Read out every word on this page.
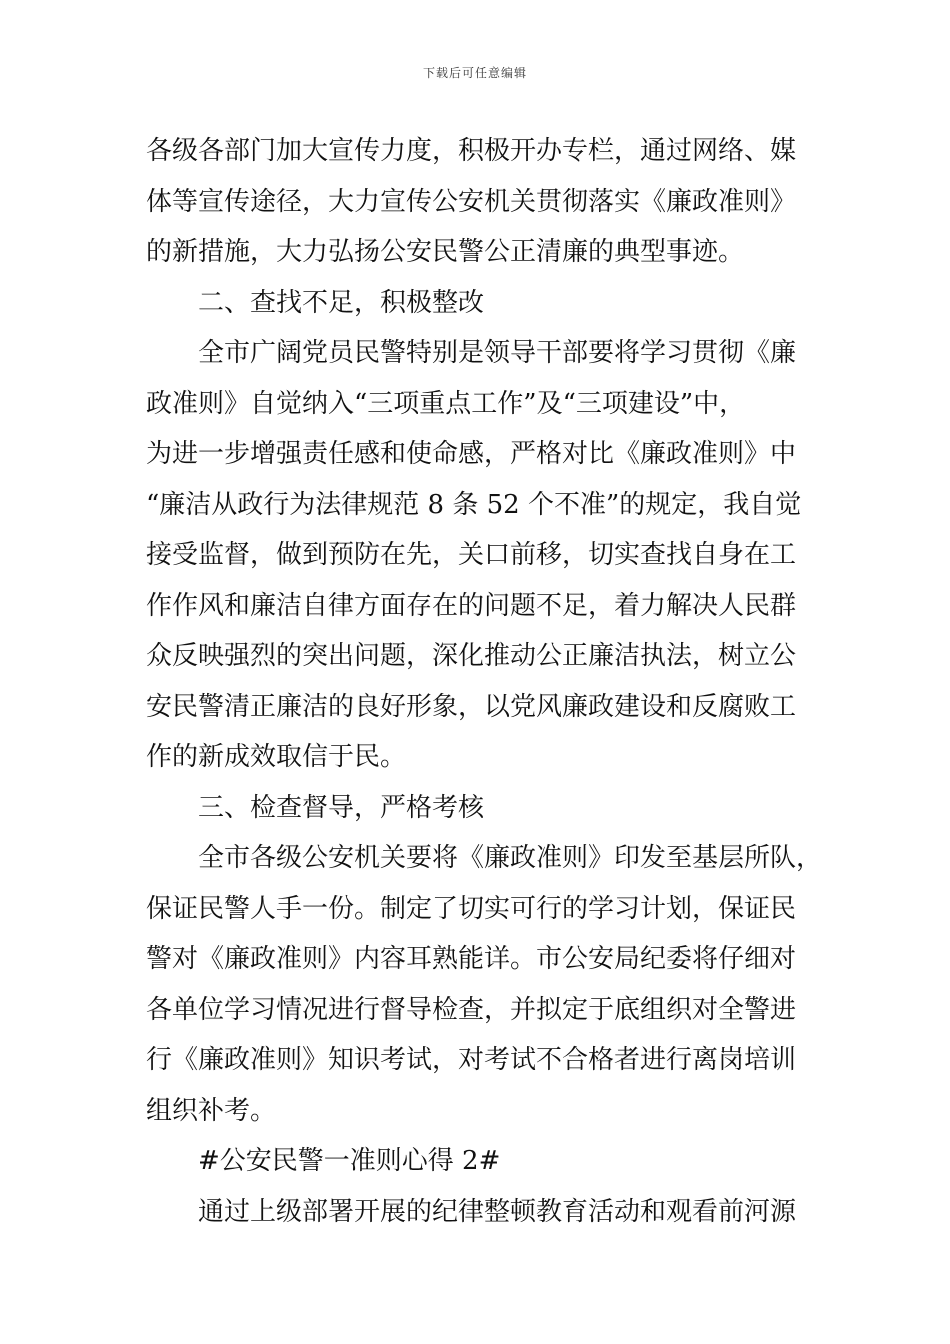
下载后可任意编辑

各级各部门加大宣传力度，积极开办专栏，通过网络、媒

体等宣传途径，大力宣传公安机关贯彻落实《廉政准则》

的新措施，大力弘扬公安民警公正清廉的典型事迹。

二、查找不足，积极整改

全市广阔党员民警特别是领导干部要将学习贯彻《廉

政准则》自觉纳入“三项重点工作”及“三项建设”中，

为进一步增强责任感和使命感，严格对比《廉政准则》中

“廉洁从政行为法律规范 8 条 52 个不准”的规定，我自觉

接受监督，做到预防在先，关口前移，切实查找自身在工

作作风和廉洁自律方面存在的问题不足，着力解决人民群

众反映强烈的突出问题，深化推动公正廉洁执法，树立公

安民警清正廉洁的良好形象，以党风廉政建设和反腐败工

作的新成效取信于民。

三、检查督导，严格考核

全市各级公安机关要将《廉政准则》印发至基层所队，

保证民警人手一份。制定了切实可行的学习计划，保证民

警对《廉政准则》内容耳熟能详。市公安局纪委将仔细对

各单位学习情况进行督导检查，并拟定于底组织对全警进

行《廉政准则》知识考试，对考试不合格者进行离岗培训

组织补考。

#公安民警一准则心得 2#

通过上级部署开展的纪律整顿教育活动和观看前河源
